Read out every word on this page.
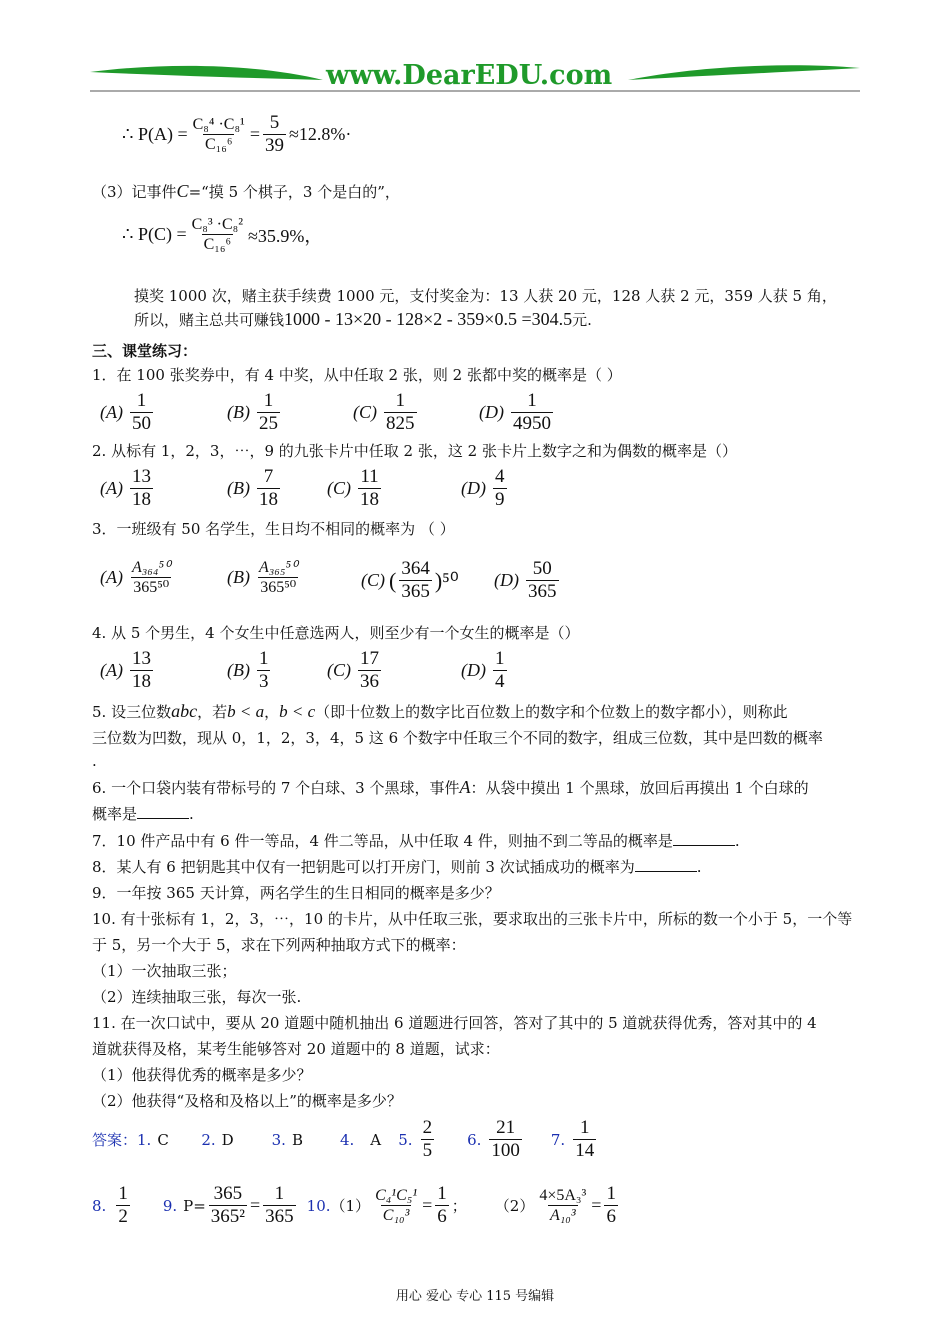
www.DearEDU.com
∴ $P(A) = \frac{\text{C₈⁴ ·C₈¹}}{\text{C₁₆⁶}} = \frac{5}{39} \approx 12.8\%$ ·
（3）记事件C=“摸 5 个棋子，3 个是白的”，
∴ $P(C) = \frac{\text{C₈³ ·C₈²}}{\text{C₁₆⁶}} \approx 35.9\%$，
摸奖 1000 次，赌主获手续费 1000 元，支付奖金为：13 人获 20 元，128 人获 2 元，359 人获 5 角，
所以，赌主总共可赚钱1000 - 13×20 - 128×2 - 359×0.5 =304.5元.
三、课堂练习：
1．在 100 张奖券中，有 4 中奖，从中任取 2 张，则 2 张都中奖的概率是（ ）
$(A) \frac{1}{50}$	$(B) \frac{1}{25}$	$(C) \frac{1}{825}$	$(D) \frac{1}{4950}$
2. 从标有 1，2，3，⋯，9 的九张卡片中任取 2 张，这 2 张卡片上数字之和为偶数的概率是（）
$(A) \frac{13}{18}$	$(B) \frac{7}{18}$	$(C) \frac{11}{18}$	$(D) \frac{4}{9}$
3．一班级有 50 名学生，生日均不相同的概率为 （ ）
$(A) \frac{\text{A₃₆₄⁵⁰}}{\text{365⁵⁰}}$	$(B) \frac{\text{A₃₆₅⁵⁰}}{\text{365⁵⁰}}$	(C) ( $\frac{364}{365} )^{50}$ $(D) \frac{50}{365}$
4. 从 5 个男生，4 个女生中任意选两人，则至少有一个女生的概率是（）
$(A) \frac{13}{18}$	$(B) \frac{1}{3}$	$(C) \frac{17}{36}$	$(D) \frac{1}{4}$
5. 设三位数abc，若b < a，b < c（即十位数上的数字比百位数上的数字和个位数上的数字都小），则称此
三位数为凹数，现从 0，1，2，3，4，5 这 6 个数字中任取三个不同的数字，组成三位数，其中是凹数的概率
.
6. 一个口袋内装有带标号的 7 个白球、3 个黑球，事件A：从袋中摸出 1 个黑球，放回后再摸出 1 个白球的
概率是	.
7．10 件产品中有 6 件一等品，4 件二等品，从中任取 4 件，则抽不到二等品的概率是	.
8．某人有 6 把钥匙其中仅有一把钥匙可以打开房门，则前 3 次试插成功的概率为	.
9．一年按 365 天计算，两名学生的生日相同的概率是多少？
10. 有十张标有 1，2，3，⋯，10 的卡片，从中任取三张，要求取出的三张卡片中，所标的数一个小于 5，一个等
于 5，另一个大于 5，求在下列两种抽取方式下的概率：
（1）一次抽取三张；
（2）连续抽取三张，每次一张.
11. 在一次口试中，要从 20 道题中随机抽出 6 道题进行回答，答对了其中的 5 道就获得优秀，答对其中的 4
道就获得及格，某考生能够答对 20 道题中的 8 道题，试求：
（1）他获得优秀的概率是多少？
（2）他获得“及格和及格以上”的概率是多少？
答案： 1. C	2. D	3. B	4. A	5. $\frac{2}{5} 6$. $\frac{21}{100} 7$. $\frac{1}{14}$
8. $\frac{1}{2} 9$. $P= \frac{365}{\text{365²}} = \frac{1}{365} 10$. $(1) \frac{\text{C₄¹C₅¹}}{\text{C₁₀³}} = \frac{1}{6}$ ； $(2) \frac{\text{4×5A₃³}}{\text{A₁₀³}} = \frac{1}{6}$
用心 爱心 专心 115 号编辑
